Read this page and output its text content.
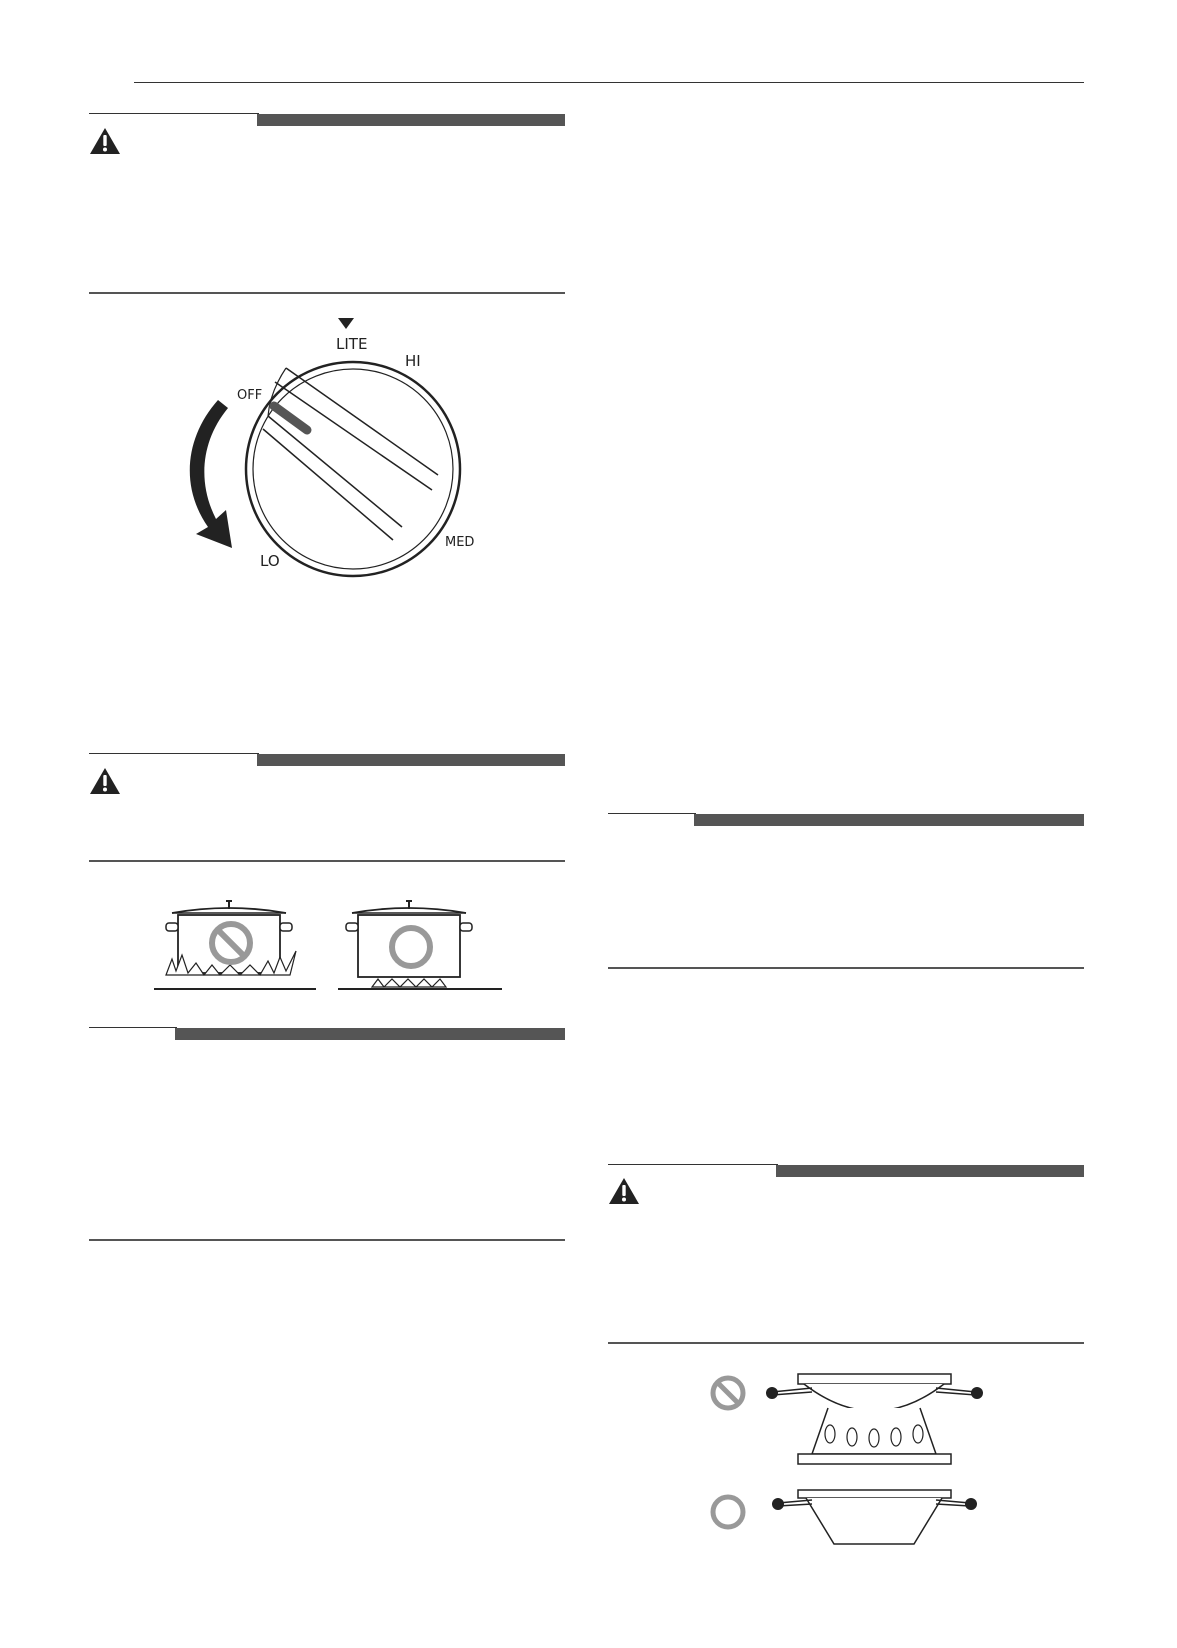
LITE
HI
OFF
MED
LO
